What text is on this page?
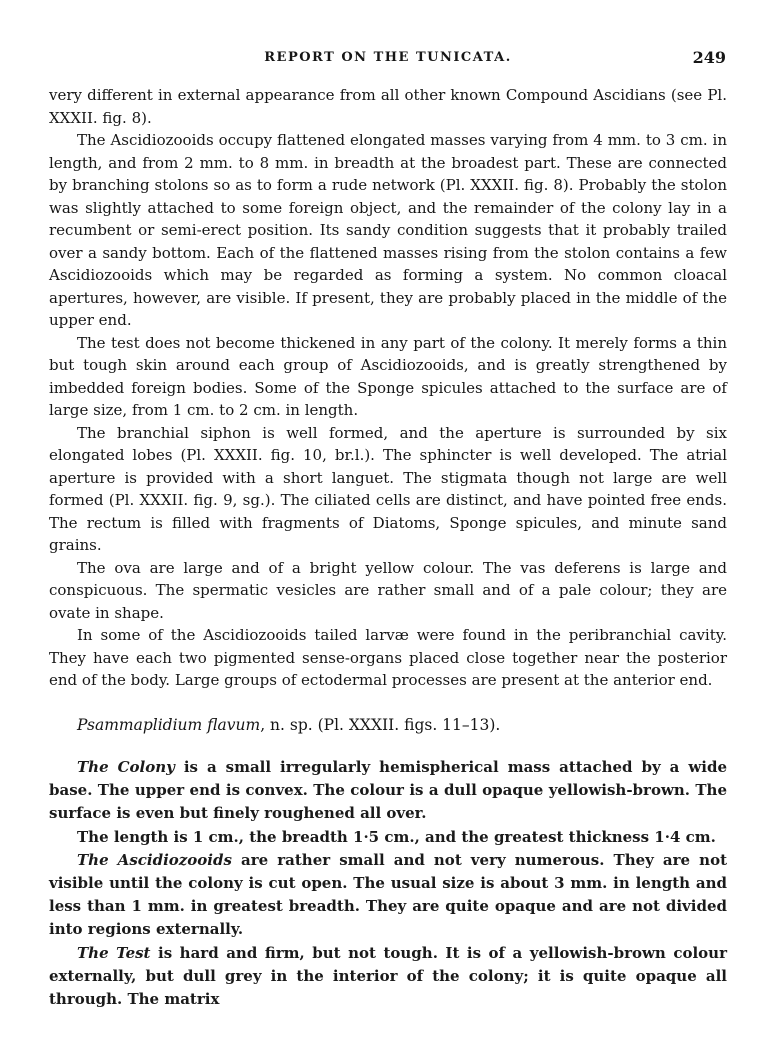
REPORT ON THE TUNICATA.	249

very different in external appearance from all other known Compound Ascidians (see Pl. XXXII. fig. 8).

The Ascidiozooids occupy flattened elongated masses varying from 4 mm. to 3 cm. in length, and from 2 mm. to 8 mm. in breadth at the broadest part. These are connected by branching stolons so as to form a rude network (Pl. XXXII. fig. 8). Probably the stolon was slightly attached to some foreign object, and the remainder of the colony lay in a recumbent or semi-erect position. Its sandy condition suggests that it probably trailed over a sandy bottom. Each of the flattened masses rising from the stolon contains a few Ascidiozooids which may be regarded as forming a system. No common cloacal apertures, however, are visible. If present, they are probably placed in the middle of the upper end.

The test does not become thickened in any part of the colony. It merely forms a thin but tough skin around each group of Ascidiozooids, and is greatly strengthened by imbedded foreign bodies. Some of the Sponge spicules attached to the surface are of large size, from 1 cm. to 2 cm. in length.

The branchial siphon is well formed, and the aperture is surrounded by six elongated lobes (Pl. XXXII. fig. 10, br.l.). The sphincter is well developed. The atrial aperture is provided with a short languet. The stigmata though not large are well formed (Pl. XXXII. fig. 9, sg.). The ciliated cells are distinct, and have pointed free ends. The rectum is filled with fragments of Diatoms, Sponge spicules, and minute sand grains.

The ova are large and of a bright yellow colour. The vas deferens is large and conspicuous. The spermatic vesicles are rather small and of a pale colour; they are ovate in shape.

In some of the Ascidiozooids tailed larvæ were found in the peribranchial cavity. They have each two pigmented sense-organs placed close together near the posterior end of the body. Large groups of ectodermal processes are present at the anterior end.

Psammaplidium flavum, n. sp. (Pl. XXXII. figs. 11–13).

The Colony is a small irregularly hemispherical mass attached by a wide base. The upper end is convex. The colour is a dull opaque yellowish-brown. The surface is even but finely roughened all over.

The length is 1 cm., the breadth 1·5 cm., and the greatest thickness 1·4 cm.

The Ascidiozooids are rather small and not very numerous. They are not visible until the colony is cut open. The usual size is about 3 mm. in length and less than 1 mm. in greatest breadth. They are quite opaque and are not divided into regions externally.

The Test is hard and firm, but not tough. It is of a yellowish-brown colour externally, but dull grey in the interior of the colony; it is quite opaque all through. The matrix
